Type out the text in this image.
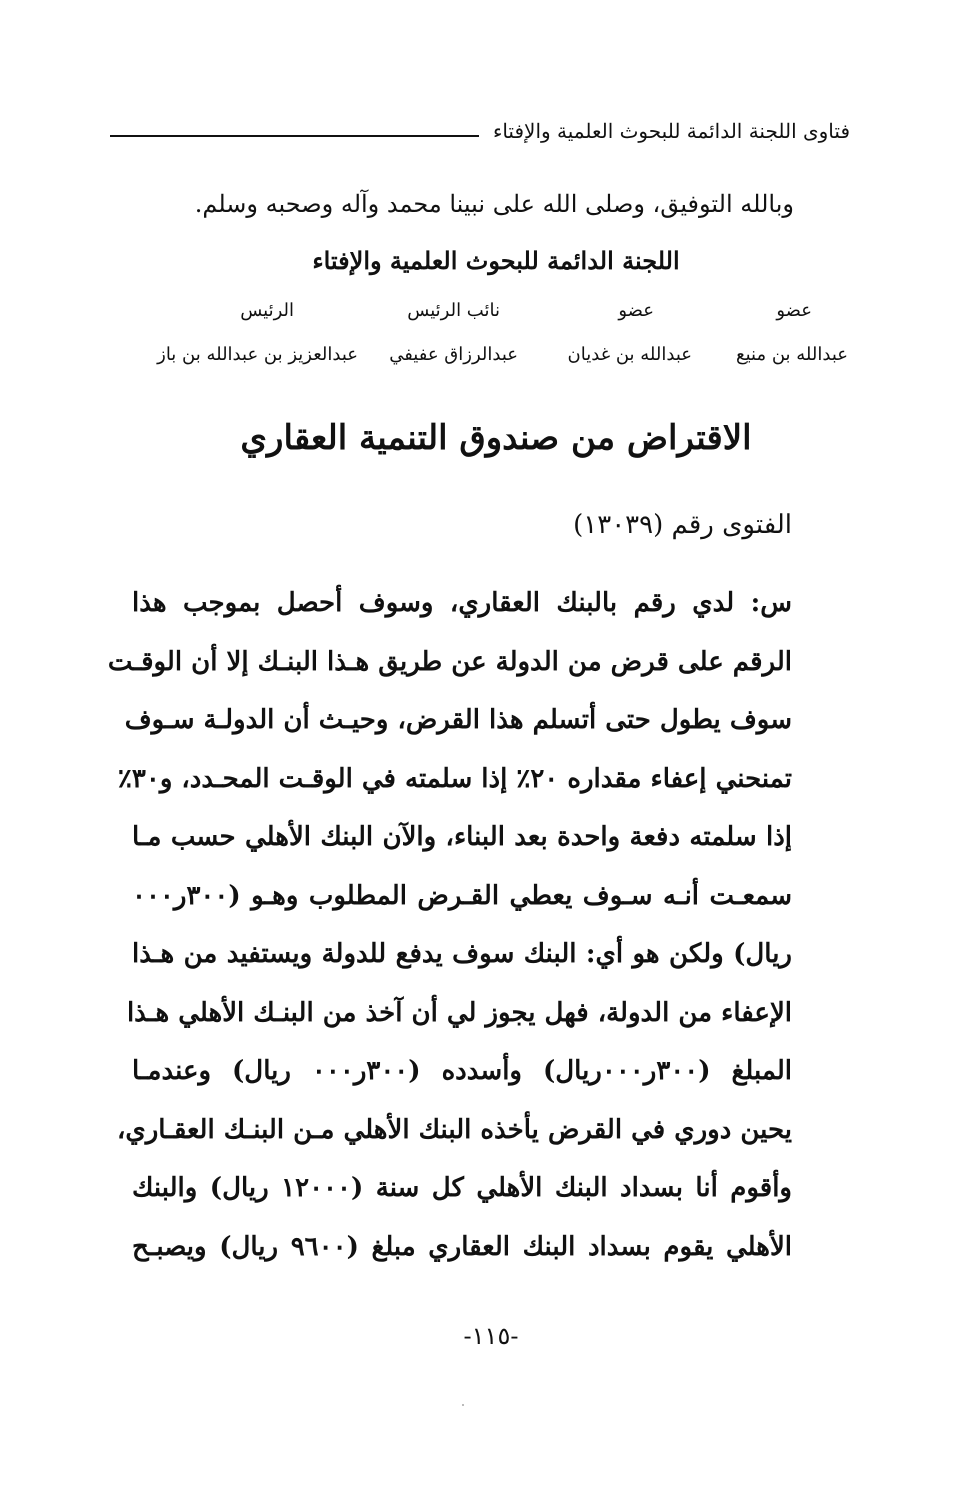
فتاوى اللجنة الدائمة للبحوث العلمية والإفتاء
وبالله التوفيق، وصلى الله على نبينا محمد وآله وصحبه وسلم.
اللجنة الدائمة للبحوث العلمية والإفتاء
عضو
عضو
نائب الرئيس
الرئيس
عبدالله بن منيع
عبدالله بن غديان
عبدالرزاق عفيفي
عبدالعزيز بن عبدالله بن باز
الاقتراض من صندوق التنمية العقاري
الفتوى رقم (١٣٠٣٩)
س: لدي رقم بالبنك العقاري، وسوف أحصل بموجب هذا
الرقم على قرض من الدولة عن طريق هـذا البنـك إلا أن الوقـت
سوف يطول حتى أتسلم هذا القرض، وحيـث أن الدولـة سـوف
تمنحني إعفاء مقداره ٢٠٪ إذا سلمته في الوقـت المحـدد، و٣٠٪
إذا سلمته دفعة واحدة بعد البناء، والآن البنك الأهلي حسب مـا
سمعـت أنـه سـوف يعطي القـرض المطلوب وهـو (٣٠٠ر٠٠٠
ريال) ولكن هو أي: البنك سوف يدفع للدولة ويستفيد من هـذا
الإعفاء من الدولة، فهل يجوز لي أن آخذ من البنـك الأهلي هـذا
المبلغ (٣٠٠ر٠٠٠ريال) وأسدده (٣٠٠ر٠٠٠ ريال) وعندمـا
يحين دوري في القرض يأخذه البنك الأهلي مـن البنـك العقـاري،
وأقوم أنا بسداد البنك الأهلي كل سنة (١٢٠٠٠ ريال) والبنك
الأهلي يقوم بسداد البنك العقاري مبلغ (٩٦٠٠ ريال) ويصبـح
-١١٥-
